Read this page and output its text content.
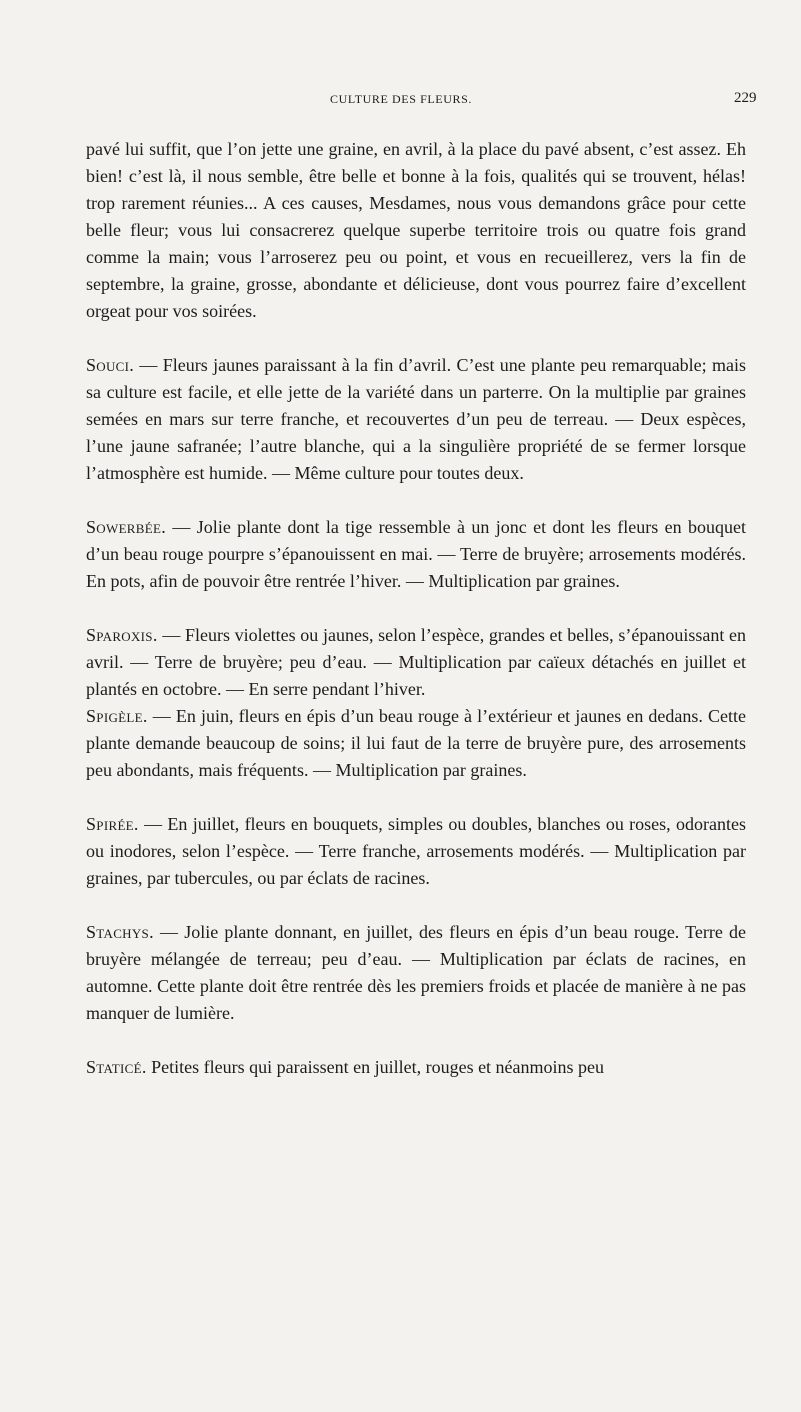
CULTURE DES FLEURS.	229

pavé lui suffit, que l’on jette une graine, en avril, à la place du pavé absent, c’est assez. Eh bien! c’est là, il nous semble, être belle et bonne à la fois, qualités qui se trouvent, hélas! trop rarement réunies... A ces causes, Mesdames, nous vous demandons grâce pour cette belle fleur; vous lui consacrerez quelque superbe territoire trois ou quatre fois grand comme la main; vous l’arroserez peu ou point, et vous en recueillerez, vers la fin de septembre, la graine, grosse, abondante et délicieuse, dont vous pourrez faire d’excellent orgeat pour vos soirées.

Souci. — Fleurs jaunes paraissant à la fin d’avril. C’est une plante peu remarquable; mais sa culture est facile, et elle jette de la variété dans un parterre. On la multiplie par graines semées en mars sur terre franche, et recouvertes d’un peu de terreau. — Deux espèces, l’une jaune safranée; l’autre blanche, qui a la singulière propriété de se fermer lorsque l’atmosphère est humide. — Même culture pour toutes deux.

Sowerbée. — Jolie plante dont la tige ressemble à un jonc et dont les fleurs en bouquet d’un beau rouge pourpre s’épanouissent en mai. — Terre de bruyère; arrosements modérés. En pots, afin de pouvoir être rentrée l’hiver. — Multiplication par graines.

Sparoxis. — Fleurs violettes ou jaunes, selon l’espèce, grandes et belles, s’épanouissant en avril. — Terre de bruyère; peu d’eau. — Multiplication par caïeux détachés en juillet et plantés en octobre. — En serre pendant l’hiver.

Spigèle. — En juin, fleurs en épis d’un beau rouge à l’extérieur et jaunes en dedans. Cette plante demande beaucoup de soins; il lui faut de la terre de bruyère pure, des arrosements peu abondants, mais fréquents. — Multiplication par graines.

Spirée. — En juillet, fleurs en bouquets, simples ou doubles, blanches ou roses, odorantes ou inodores, selon l’espèce. — Terre franche, arrosements modérés. — Multiplication par graines, par tubercules, ou par éclats de racines.

Stachys. — Jolie plante donnant, en juillet, des fleurs en épis d’un beau rouge. Terre de bruyère mélangée de terreau; peu d’eau. — Multiplication par éclats de racines, en automne. Cette plante doit être rentrée dès les premiers froids et placée de manière à ne pas manquer de lumière.

Staticé. Petites fleurs qui paraissent en juillet, rouges et néanmoins peu
